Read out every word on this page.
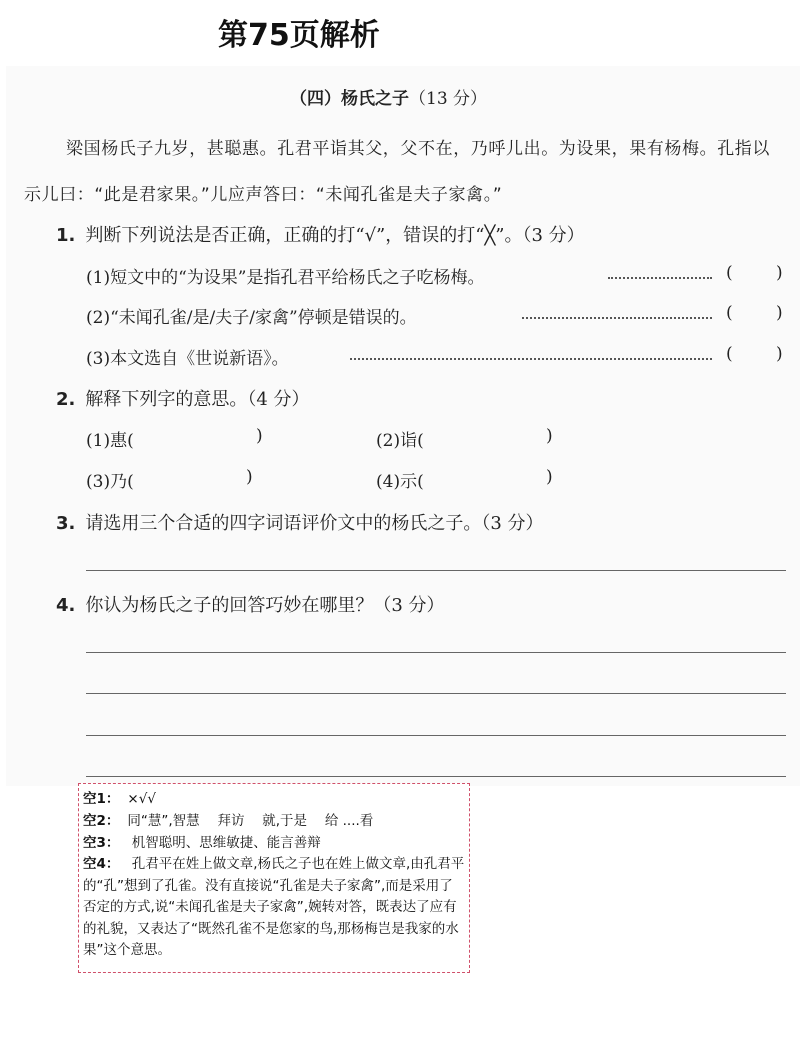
第75页解析
（四）杨氏之子（13 分）
梁国杨氏子九岁，甚聪惠。孔君平诣其父，父不在，乃呼儿出。为设果，果有杨梅。孔指以示儿曰：“此是君家果。”儿应声答曰：“未闻孔雀是夫子家禽。”
1. 判断下列说法是否正确，正确的打“√”，错误的打“╳”。（3 分）
(1)短文中的“为设果”是指孔君平给杨氏之子吃杨梅。	(	)
(2)“未闻孔雀/是/夫子/家禽”停顿是错误的。	(	)
(3)本文选自《世说新语》。	(	)
2. 解释下列字的意思。（4 分）
(1)惠(	)	(2)诣(	)
(3)乃(	)	(4)示(	)
3. 请选用三个合适的四字词语评价文中的杨氏之子。（3 分）
4. 你认为杨氏之子的回答巧妙在哪里？（3 分）
空1： ×√√
空2： 同“慧”,智慧　 拜访　 就,于是　 给 ....看
空3： 机智聪明、思维敏捷、能言善辩
空4： 孔君平在姓上做文章,杨氏之子也在姓上做文章,由孔君平的“孔”想到了孔雀。没有直接说“孔雀是夫子家禽”,而是采用了否定的方式,说“未闻孔雀是夫子家禽”,婉转对答，既表达了应有的礼貌，又表达了“既然孔雀不是您家的鸟,那杨梅岂是我家的水果”这个意思。
